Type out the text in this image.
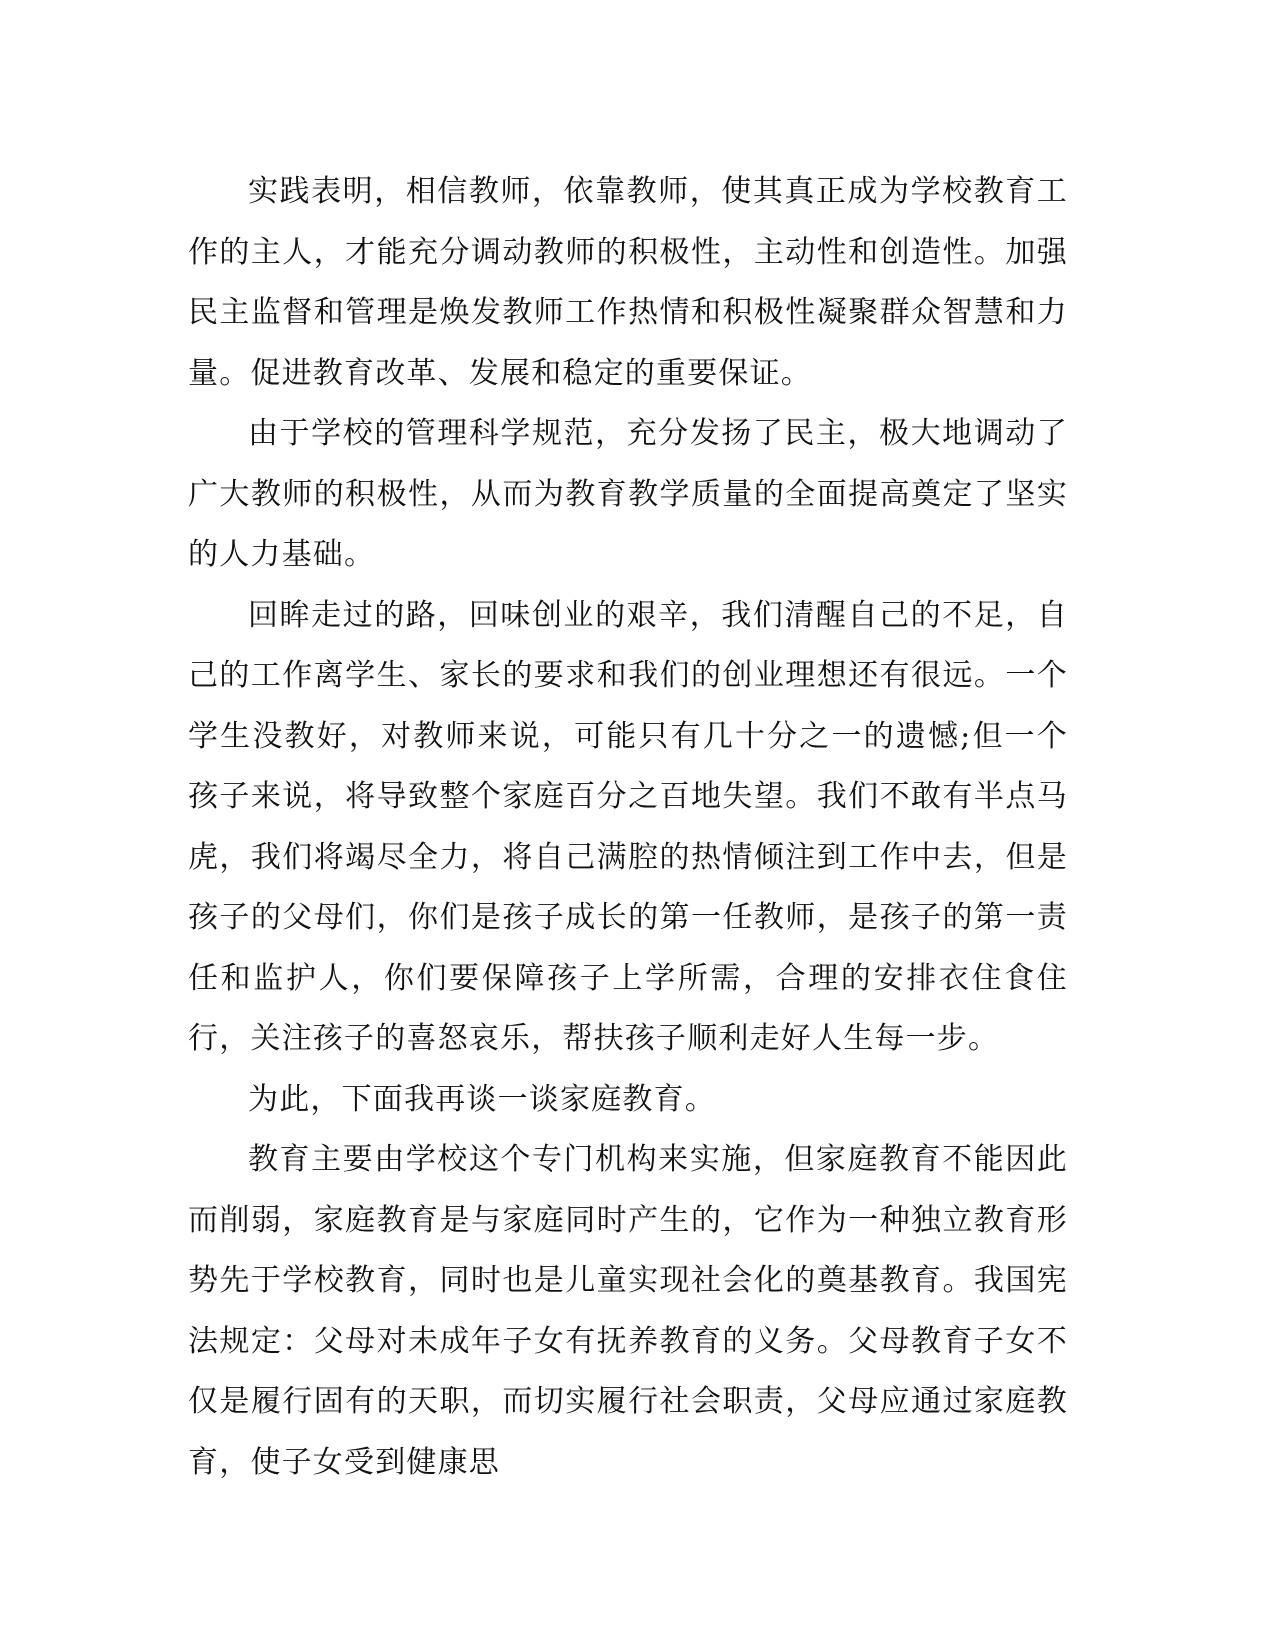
实践表明，相信教师，依靠教师，使其真正成为学校教育工作的主人，才能充分调动教师的积极性，主动性和创造性。加强民主监督和管理是焕发教师工作热情和积极性凝聚群众智慧和力量。促进教育改革、发展和稳定的重要保证。

由于学校的管理科学规范，充分发扬了民主，极大地调动了广大教师的积极性，从而为教育教学质量的全面提高奠定了坚实的人力基础。

回眸走过的路，回味创业的艰辛，我们清醒自己的不足，自己的工作离学生、家长的要求和我们的创业理想还有很远。一个学生没教好，对教师来说，可能只有几十分之一的遗憾;但一个孩子来说，将导致整个家庭百分之百地失望。我们不敢有半点马虎，我们将竭尽全力，将自己满腔的热情倾注到工作中去，但是孩子的父母们，你们是孩子成长的第一任教师，是孩子的第一责任和监护人，你们要保障孩子上学所需，合理的安排衣住食住行，关注孩子的喜怒哀乐，帮扶孩子顺利走好人生每一步。

为此，下面我再谈一谈家庭教育。

教育主要由学校这个专门机构来实施，但家庭教育不能因此而削弱，家庭教育是与家庭同时产生的，它作为一种独立教育形势先于学校教育，同时也是儿童实现社会化的奠基教育。我国宪法规定：父母对未成年子女有抚养教育的义务。父母教育子女不仅是履行固有的天职，而切实履行社会职责，父母应通过家庭教育，使子女受到健康思
